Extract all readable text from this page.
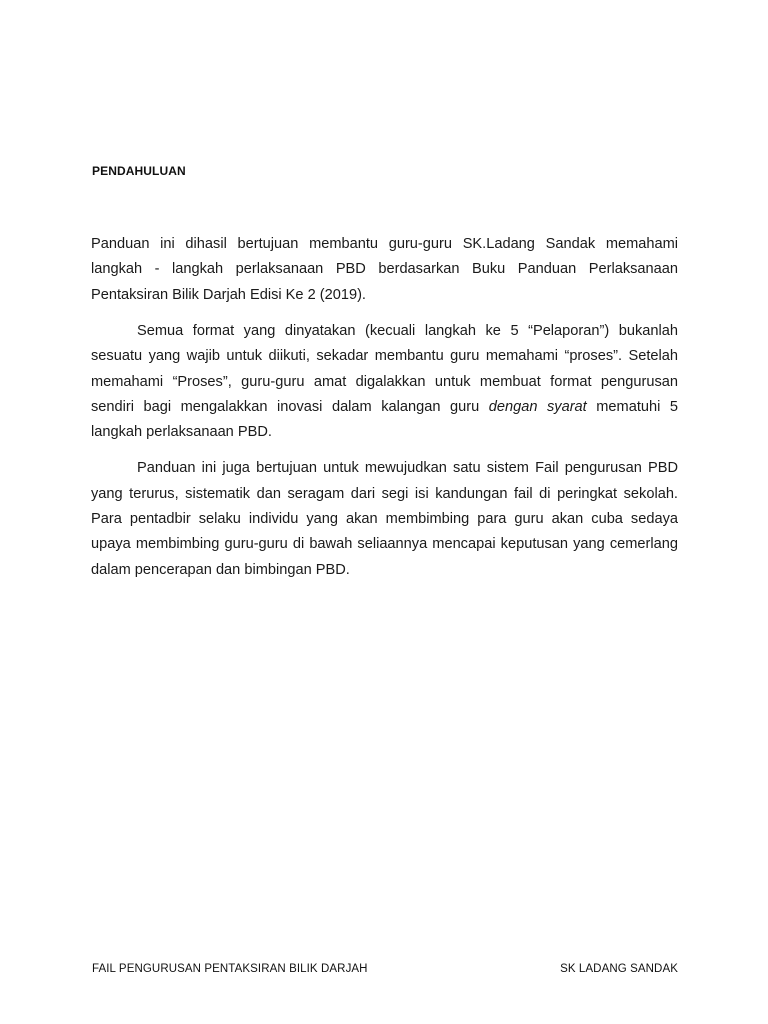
PENDAHULUAN

Panduan ini dihasil bertujuan membantu guru-guru SK.Ladang Sandak memahami langkah - langkah perlaksanaan PBD berdasarkan Buku Panduan Perlaksanaan Pentaksiran Bilik Darjah Edisi Ke 2 (2019).

Semua format yang dinyatakan (kecuali langkah ke 5 “Pelaporan”) bukanlah sesuatu yang wajib untuk diikuti, sekadar membantu guru memahami “proses”. Setelah memahami “Proses”, guru-guru amat digalakkan untuk membuat format pengurusan sendiri bagi mengalakkan inovasi dalam kalangan guru dengan syarat mematuhi 5 langkah perlaksanaan PBD.

Panduan ini juga bertujuan untuk mewujudkan satu sistem Fail pengurusan PBD yang terurus, sistematik dan seragam dari segi isi kandungan fail di peringkat sekolah. Para pentadbir selaku individu yang akan membimbing para guru akan cuba sedaya upaya membimbing guru-guru di bawah seliaannya mencapai keputusan yang cemerlang dalam pencerapan dan bimbingan PBD.

FAIL PENGURUSAN PENTAKSIRAN BILIK DARJAH	SK LADANG SANDAK
